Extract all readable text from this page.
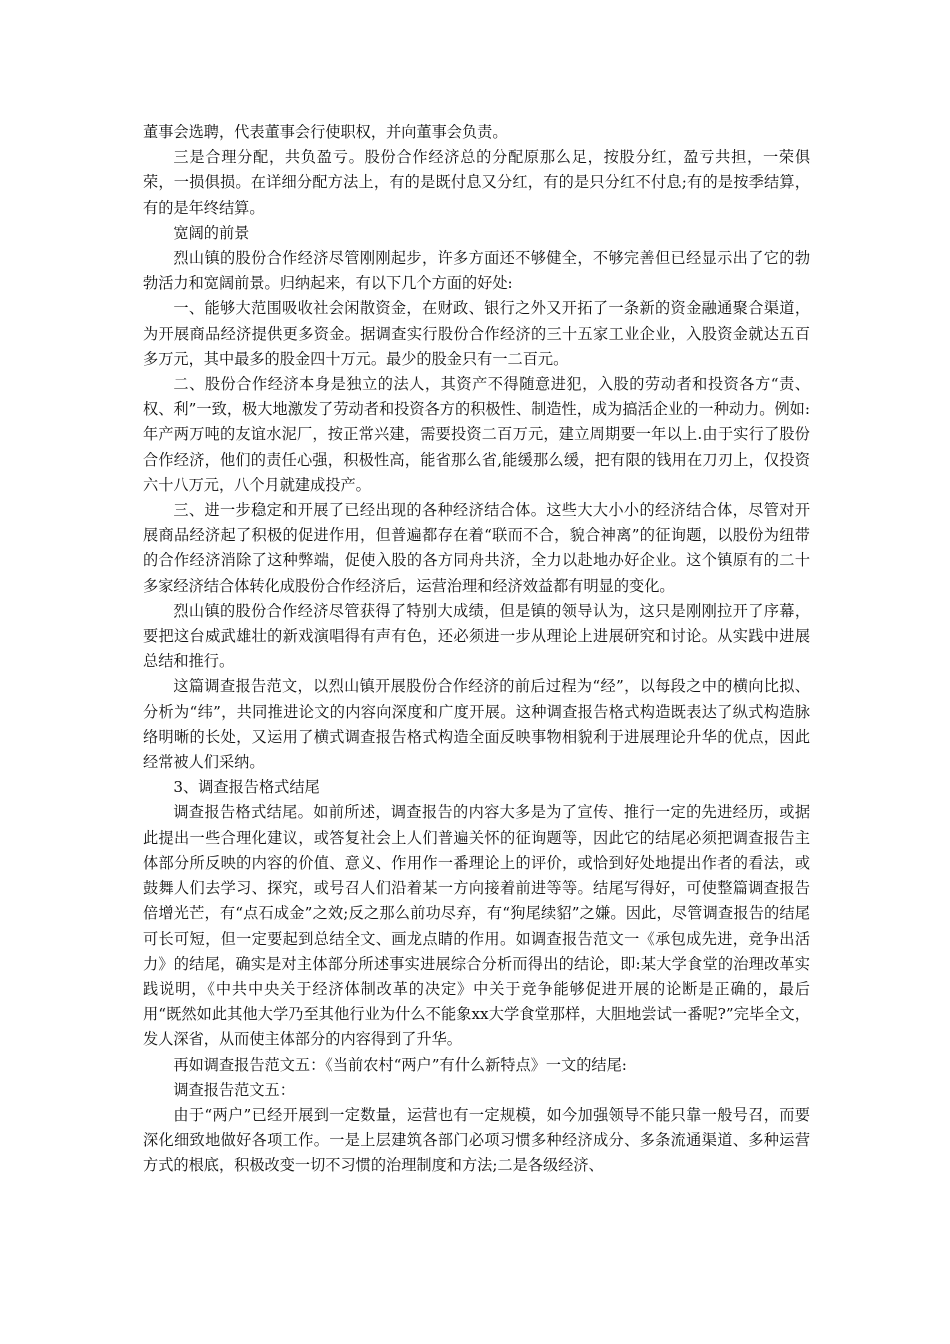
董事会选聘，代表董事会行使职权，并向董事会负责。

三是合理分配，共负盈亏。股份合作经济总的分配原那么足，按股分红，盈亏共担，一荣俱荣，一损俱损。在详细分配方法上，有的是既付息又分红，有的是只分红不付息;有的是按季结算，有的是年终结算。

宽阔的前景

烈山镇的股份合作经济尽管刚刚起步，许多方面还不够健全，不够完善但已经显示出了它的勃勃活力和宽阔前景。归纳起来，有以下几个方面的好处:

一、能够大范围吸收社会闲散资金，在财政、银行之外又开拓了一条新的资金融通聚合渠道，为开展商品经济提供更多资金。据调查实行股份合作经济的三十五家工业企业，入股资金就达五百多万元，其中最多的股金四十万元。最少的股金只有一二百元。

二、股份合作经济本身是独立的法人，其资产不得随意进犯，入股的劳动者和投资各方“责、权、利”一致，极大地激发了劳动者和投资各方的积极性、制造性，成为搞活企业的一种动力。例如:年产两万吨的友谊水泥厂，按正常兴建，需要投资二百万元，建立周期要一年以上.由于实行了股份合作经济，他们的责任心强，积极性高，能省那么省,能缓那么缓，把有限的钱用在刀刃上，仅投资六十八万元，八个月就建成投产。

三、进一步稳定和开展了已经出现的各种经济结合体。这些大大小小的经济结合体，尽管对开展商品经济起了积极的促进作用，但普遍都存在着“联而不合，貌合神离”的征询题，以股份为纽带的合作经济消除了这种弊端，促使入股的各方同舟共济，全力以赴地办好企业。这个镇原有的二十多家经济结合体转化成股份合作经济后，运营治理和经济效益都有明显的变化。

烈山镇的股份合作经济尽管获得了特别大成绩，但是镇的领导认为，这只是刚刚拉开了序幕，要把这台威武雄壮的新戏演唱得有声有色，还必须进一步从理论上进展研究和讨论。从实践中进展总结和推行。

这篇调查报告范文，以烈山镇开展股份合作经济的前后过程为“经”，以每段之中的横向比拟、分析为“纬”，共同推进论文的内容向深度和广度开展。这种调查报告格式构造既表达了纵式构造脉络明晰的长处，又运用了横式调查报告格式构造全面反映事物相貌利于进展理论升华的优点，因此经常被人们采纳。

3、调查报告格式结尾

调查报告格式结尾。如前所述，调查报告的内容大多是为了宣传、推行一定的先进经历，或据此提出一些合理化建议，或答复社会上人们普遍关怀的征询题等，因此它的结尾必须把调查报告主体部分所反映的内容的价值、意义、作用作一番理论上的评价，或恰到好处地提出作者的看法，或鼓舞人们去学习、探究，或号召人们沿着某一方向接着前进等等。结尾写得好，可使整篇调查报告倍增光芒，有“点石成金”之效;反之那么前功尽弃，有“狗尾续貂”之嫌。因此，尽管调查报告的结尾可长可短，但一定要起到总结全文、画龙点睛的作用。如调查报告范文一《承包成先进，竞争出活力》的结尾，确实是对主体部分所述事实进展综合分析而得出的结论，即:某大学食堂的治理改革实践说明，《中共中央关于经济体制改革的决定》中关于竞争能够促进开展的论断是正确的，最后用“既然如此其他大学乃至其他行业为什么不能象xx大学食堂那样，大胆地尝试一番呢?”完毕全文，发人深省，从而使主体部分的内容得到了升华。

再如调查报告范文五：《当前农村“两户”有什么新特点》一文的结尾:

调查报告范文五：

由于“两户”已经开展到一定数量，运营也有一定规模，如今加强领导不能只靠一般号召，而要深化细致地做好各项工作。一是上层建筑各部门必项习惯多种经济成分、多条流通渠道、多种运营方式的根底，积极改变一切不习惯的治理制度和方法;二是各级经济、
